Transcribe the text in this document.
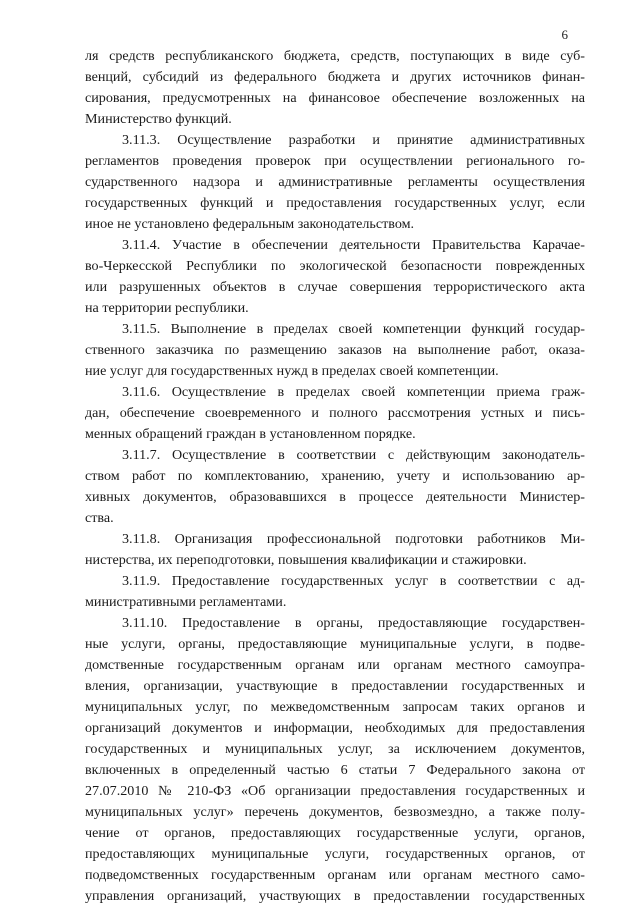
6
ля средств республиканского бюджета, средств, поступающих в виде суб-
венций, субсидий из федерального бюджета и других источников финан-
сирования, предусмотренных на финансовое обеспечение возложенных на
Министерство функций.
3.11.3. Осуществление разработки и принятие административных
регламентов проведения проверок при осуществлении регионального го-
сударственного надзора и административные регламенты осуществления
государственных функций и предоставления государственных услуг, если
иное не установлено федеральным законодательством.
3.11.4. Участие в обеспечении деятельности Правительства Карачае-
во-Черкесской Республики по экологической безопасности поврежденных
или разрушенных объектов в случае совершения террористического акта
на территории республики.
3.11.5. Выполнение в пределах своей компетенции функций государ-
ственного заказчика по размещению заказов на выполнение работ, оказа-
ние услуг для государственных нужд в пределах своей компетенции.
3.11.6. Осуществление в пределах своей компетенции приема граж-
дан, обеспечение своевременного и полного рассмотрения устных и пись-
менных обращений граждан в установленном порядке.
3.11.7. Осуществление в соответствии с действующим законодатель-
ством работ по комплектованию, хранению, учету и использованию ар-
хивных документов, образовавшихся в процессе деятельности Министер-
ства.
3.11.8. Организация профессиональной подготовки работников Ми-
нистерства, их переподготовки, повышения квалификации и стажировки.
3.11.9. Предоставление государственных услуг в соответствии с ад-
министративными регламентами.
3.11.10. Предоставление в органы, предоставляющие государствен-
ные услуги, органы, предоставляющие муниципальные услуги, в подве-
домственные государственным органам или органам местного самоупра-
вления, организации, участвующие в предоставлении государственных и
муниципальных услуг, по межведомственным запросам таких органов и
организаций документов и информации, необходимых для предоставления
государственных и муниципальных услуг, за исключением документов,
включенных в определенный частью 6 статьи 7 Федерального закона от
27.07.2010 № 210-ФЗ «Об организации предоставления государственных и
муниципальных услуг» перечень документов, безвозмездно, а также полу-
чение от органов, предоставляющих государственные услуги, органов,
предоставляющих муниципальные услуги, государственных органов, от
подведомственных государственным органам или органам местного само-
управления организаций, участвующих в предоставлении государственных
